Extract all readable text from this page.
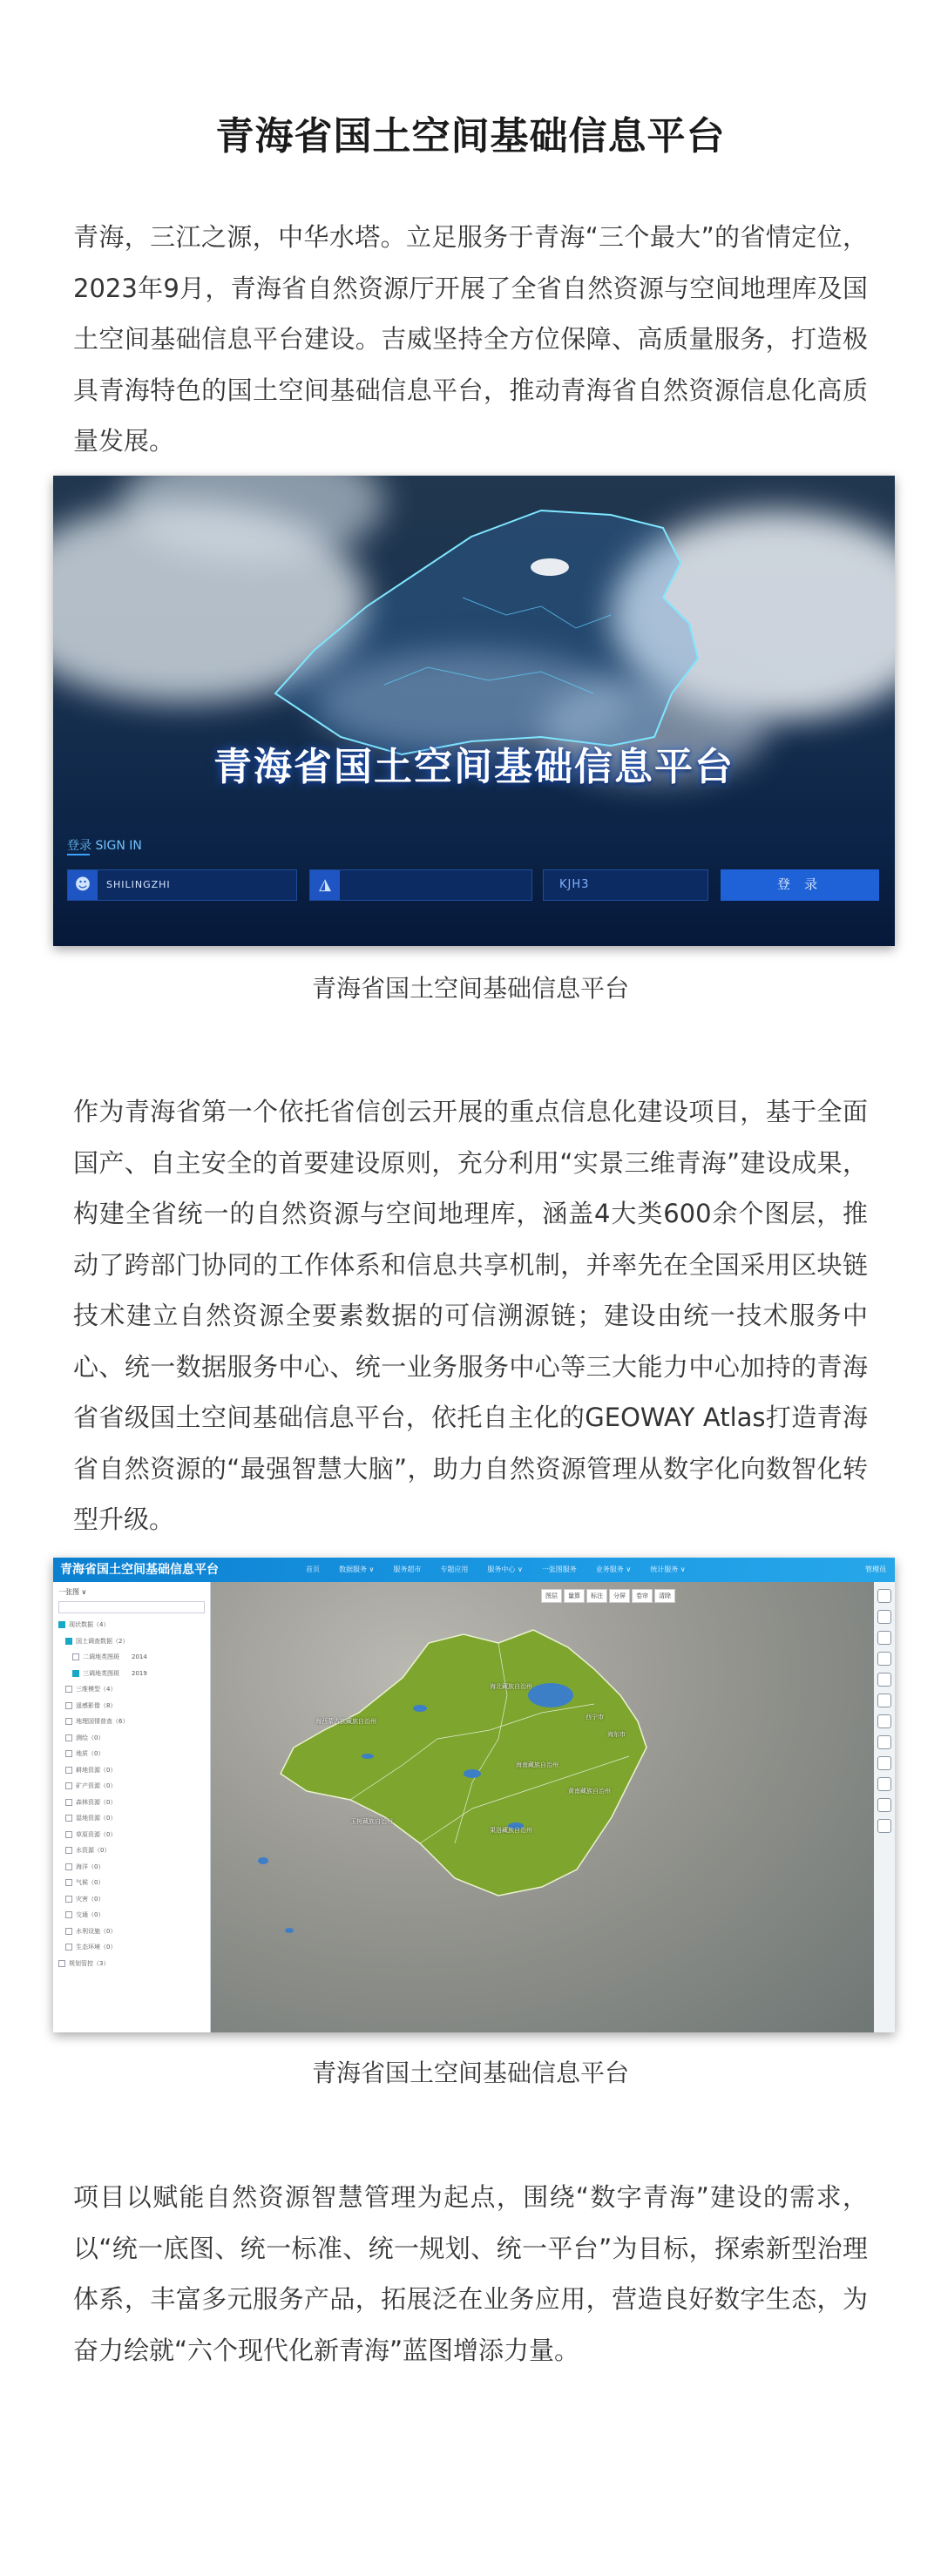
青海省国土空间基础信息平台
青海，三江之源，中华水塔。立足服务于青海“三个最大”的省情定位，2023年9月，青海省自然资源厅开展了全省自然资源与空间地理库及国土空间基础信息平台建设。吉威坚持全方位保障、高质量服务，打造极具青海特色的国土空间基础信息平台，推动青海省自然资源信息化高质量发展。
青海省国土空间基础信息平台
登录 SIGN IN
☻	SHILINGZHI	◮	KJH3	登 录
青海省国土空间基础信息平台
作为青海省第一个依托省信创云开展的重点信息化建设项目，基于全面国产、自主安全的首要建设原则，充分利用“实景三维青海”建设成果，构建全省统一的自然资源与空间地理库，涵盖4大类600余个图层，推动了跨部门协同的工作体系和信息共享机制，并率先在全国采用区块链技术建立自然资源全要素数据的可信溯源链；建设由统一技术服务中心、统一数据服务中心、统一业务服务中心等三大能力中心加持的青海省省级国土空间基础信息平台，依托自主化的GEOWAY Atlas打造青海省自然资源的“最强智慧大脑”，助力自然资源管理从数字化向数智化转型升级。
青海省国土空间基础信息平台	首页	数据服务 ∨	服务超市	专题应用	服务中心 ∨	一张图服务	业务服务 ∨	统计服务 ∨	管理员
一张图 ∨
现状数据（4）
国土调查数据（2）
二调地类图斑　　2014
三调地类图斑　　2019
三维模型（4）
遥感影像（8）
地理国情普查（6）
测绘（0）
地质（0）
耕地资源（0）
矿产资源（0）
森林资源（0）
湿地资源（0）
草原资源（0）
水资源（0）
海洋（0）
气候（0）
灾害（0）
交通（0）
水利设施（0）
生态环境（0）
规划管控（3）
海西蒙古族藏族自治州
海北藏族自治州
西宁市
海东市
海南藏族自治州
黄南藏族自治州
果洛藏族自治州
玉树藏族自治州
图层	量算	标注	分屏	卷帘	清除
青海省国土空间基础信息平台
项目以赋能自然资源智慧管理为起点，围绕“数字青海”建设的需求，以“统一底图、统一标准、统一规划、统一平台”为目标，探索新型治理体系，丰富多元服务产品，拓展泛在业务应用，营造良好数字生态，为奋力绘就“六个现代化新青海”蓝图增添力量。
